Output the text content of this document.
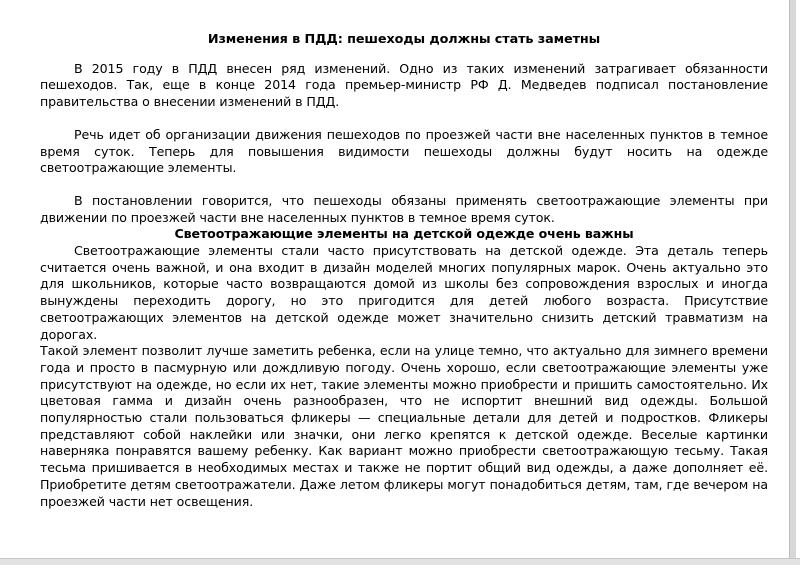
Изменения в ПДД: пешеходы должны стать заметны

В 2015 году в ПДД внесен ряд изменений. Одно из таких изменений затрагивает обязанности пешеходов. Так, еще в конце 2014 года премьер-министр РФ Д. Медведев подписал постановление правительства о внесении изменений в ПДД.

Речь идет об организации движения пешеходов по проезжей части вне населенных пунктов в темное время суток. Теперь для повышения видимости пешеходы должны будут носить на одежде светоотражающие элементы.

В постановлении говорится, что пешеходы обязаны применять светоотражающие элементы при движении по проезжей части вне населенных пунктов в темное время суток.

Светоотражающие элементы на детской одежде очень важны

Светоотражающие элементы стали часто присутствовать на детской одежде. Эта деталь теперь считается очень важной, и она входит в дизайн моделей многих популярных марок. Очень актуально это для школьников, которые часто возвращаются домой из школы без сопровождения взрослых и иногда вынуждены переходить дорогу, но это пригодится для детей любого возраста. Присутствие светоотражающих элементов на детской одежде может значительно снизить детский травматизм на дорогах.

Такой элемент позволит лучше заметить ребенка, если на улице темно, что актуально для зимнего времени года и просто в пасмурную или дождливую погоду. Очень хорошо, если светоотражающие элементы уже присутствуют на одежде, но если их нет, такие элементы можно приобрести и пришить самостоятельно. Их цветовая гамма и дизайн очень разнообразен, что не испортит внешний вид одежды. Большой популярностью стали пользоваться фликеры — специальные детали для детей и подростков. Фликеры представляют собой наклейки или значки, они легко крепятся к детской одежде. Веселые картинки наверняка понравятся вашему ребенку. Как вариант можно приобрести светоотражающую тесьму. Такая тесьма пришивается в необходимых местах и также не портит общий вид одежды, а даже дополняет её. Приобретите детям светоотражатели. Даже летом фликеры могут понадобиться детям, там, где вечером на проезжей части нет освещения.
